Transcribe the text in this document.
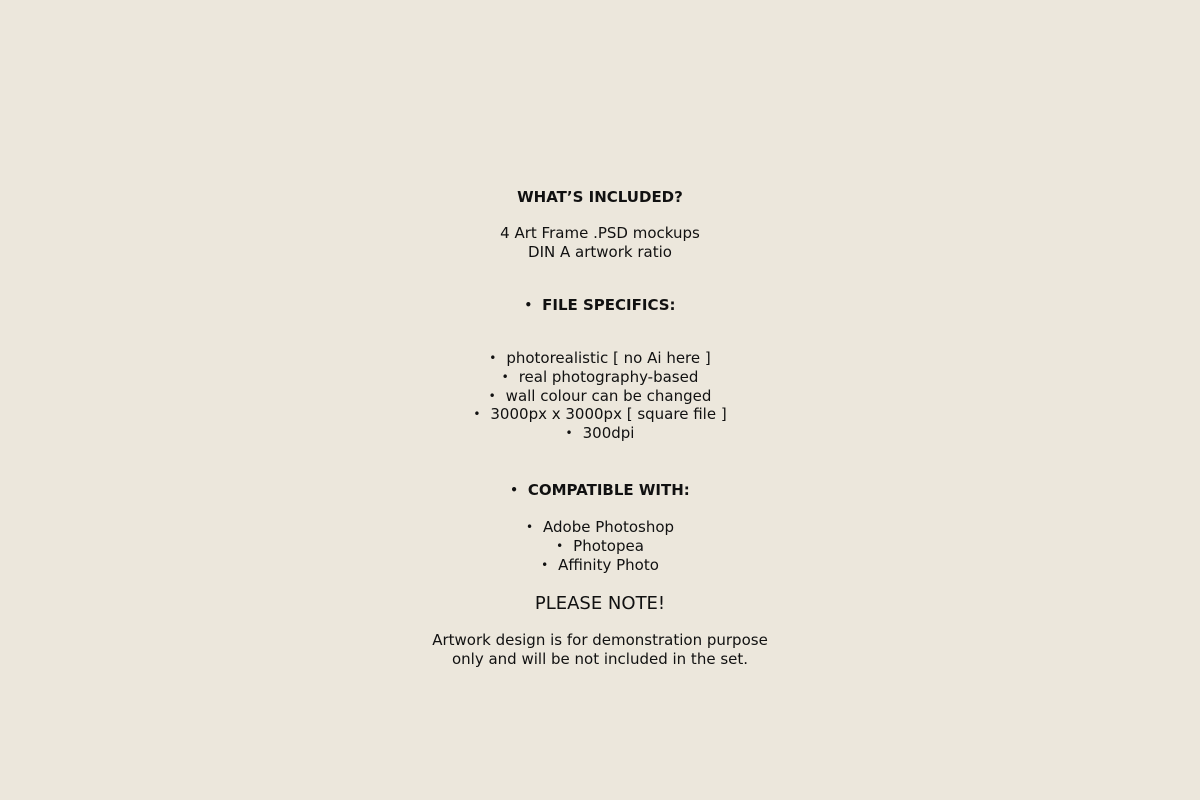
WHAT’S INCLUDED?
4 Art Frame .PSD mockups
DIN A artwork ratio
• FILE SPECIFICS:
• photorealistic [ no Ai here ]
• real photography-based
• wall colour can be changed
• 3000px x 3000px [ square file ]
• 300dpi
• COMPATIBLE WITH:
• Adobe Photoshop
• Photopea
• Affinity Photo
PLEASE NOTE!
Artwork design is for demonstration purpose
only and will be not included in the set.
